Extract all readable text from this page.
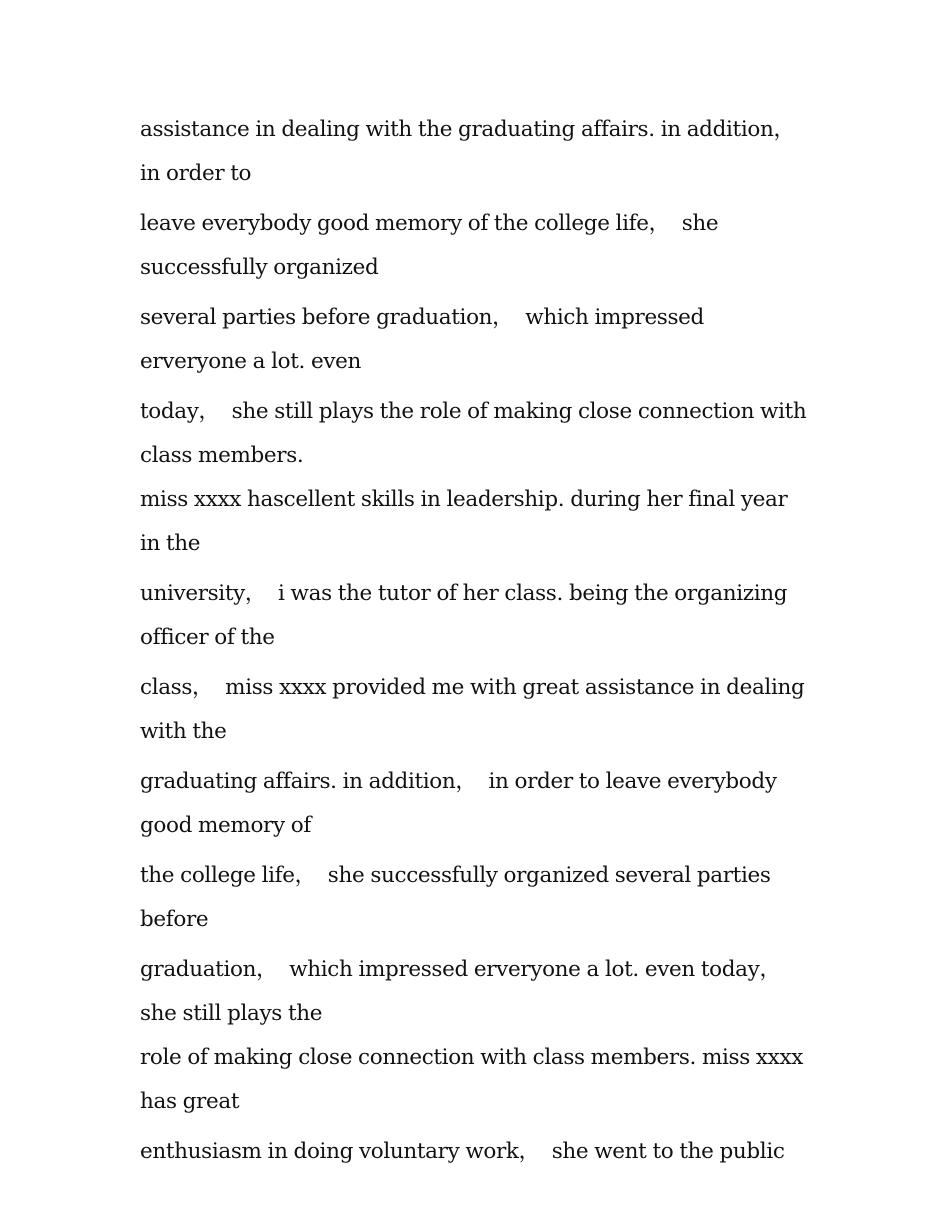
assistance in dealing with the graduating affairs. in addition，  in order to

leave everybody good memory of the college life，  she successfully organized

several parties before graduation，  which impressed erveryone a lot. even

today，  she still plays the role of making close connection with class members.

miss xxxx hascellent skills in leadership. during her final year in the

university，  i was the tutor of her class. being the organizing officer of the

class，  miss xxxx provided me with great assistance in dealing with the

graduating affairs. in addition，  in order to leave everybody good memory of

the college life，  she successfully organized several parties before

graduation，  which impressed erveryone a lot. even today，  she still plays the

role of making close connection with class members. miss xxxx has great

enthusiasm in doing voluntary work，  she went to the public
